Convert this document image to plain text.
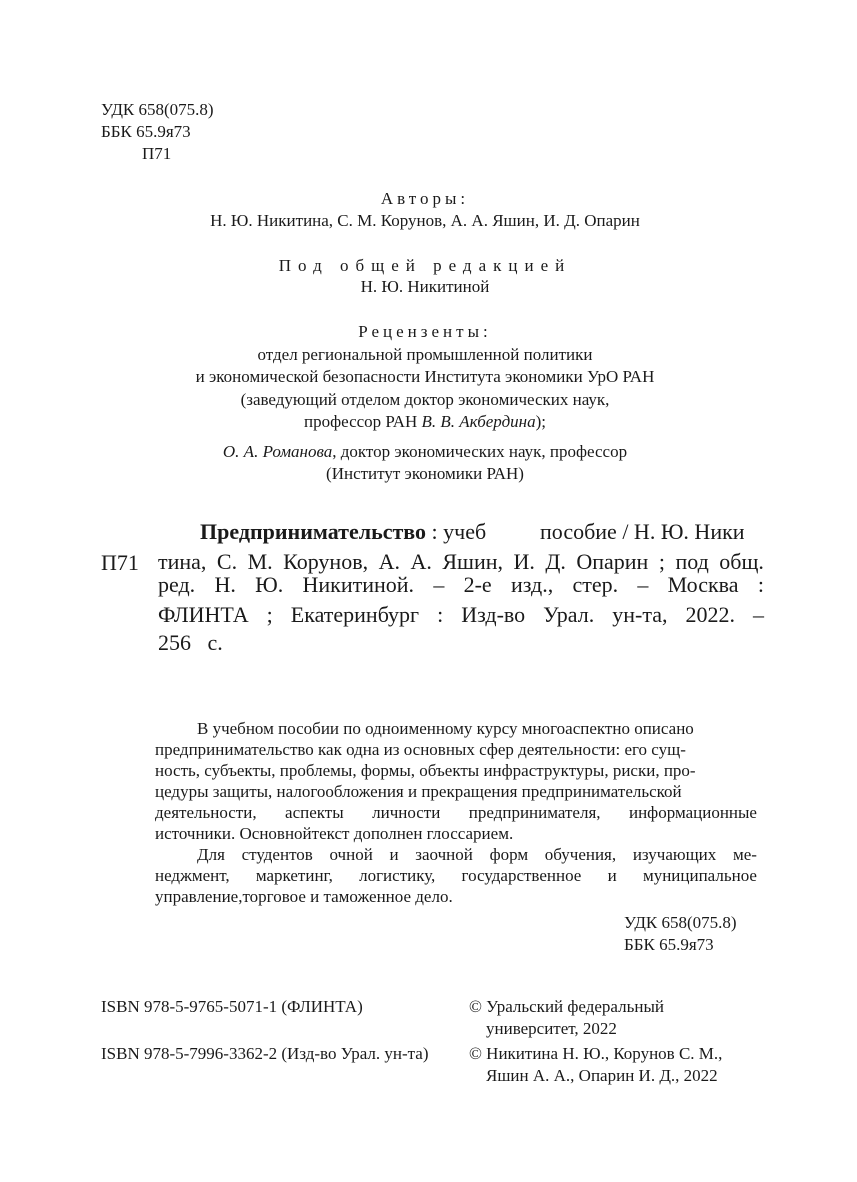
УДК 658(075.8)
ББК 65.9я73
П71
Авторы:
Н. Ю. Никитина, С. М. Корунов, А. А. Яшин, И. Д. Опарин
Под общей редакцией
Н. Ю. Никитиной
Рецензенты:
отдел региональной промышленной политики
и экономической безопасности Института экономики УрО РАН
(заведующий отделом доктор экономических наук,
профессор РАН В. В. Акбердина);
О. А. Романова, доктор экономических наук, профессор
(Институт экономики РАН)
П71
Предпринимательство : учеб пособие / Н. Ю. Ники
тина, С. М. Корунов, А. А. Яшин, И. Д. Опарин ; под общ.
ред. Н. Ю. Никитиной. – 2-е изд., стер. – Москва :
ФЛИНТА ; Екатеринбург : Изд-во Урал. ун-та, 2022. –
256   с.
В учебном пособии по одноименному курсу многоаспектно описано
предпринимательство как одна из основных сфер деятельности: его сущ-
ность, субъекты, проблемы, формы, объекты инфраструктуры, риски, про-
цедуры защиты, налогообложения и прекращения предпринимательской
деятельности, аспекты личности предпринимателя, информационные
источники. Основнойтекст дополнен глоссарием.
Для студентов очной и заочной форм обучения, изучающих ме-
неджмент, маркетинг, логистику, государственное и муниципальное
управление,торговое и таможенное дело.
УДК 658(075.8)
ББК 65.9я73
ISBN 978-5-9765-5071-1 (ФЛИНТА)	© Уральский федеральный
университет, 2022
ISBN 978-5-7996-3362-2 (Изд-во Урал. ун-та) © Никитина Н. Ю., Корунов С. М.,
Яшин А. А., Опарин И. Д., 2022
